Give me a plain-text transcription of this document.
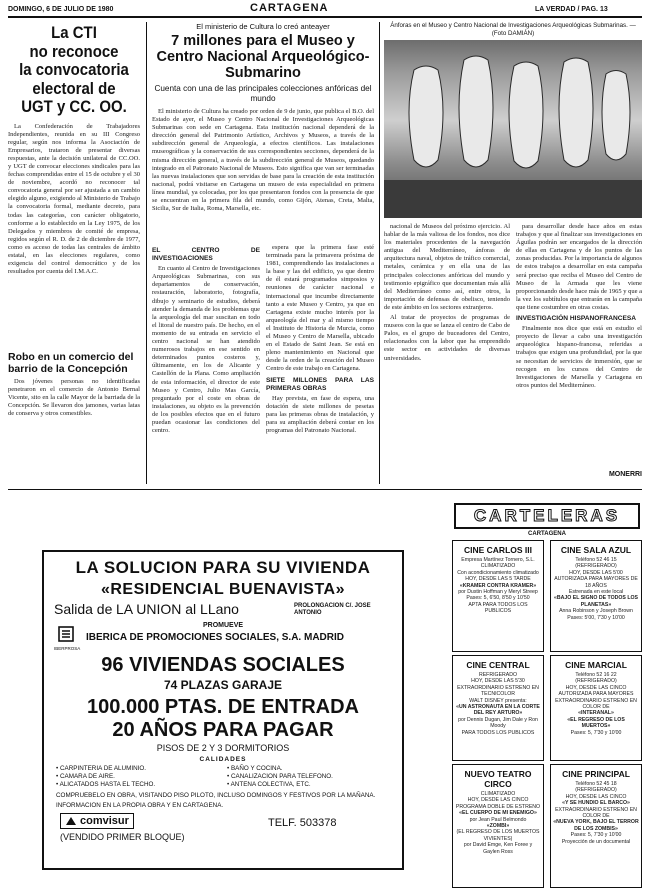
DOMINGO, 6 DE JULIO DE 1980	CARTAGENA	LA VERDAD / PAG. 13
La CTI
no reconoce
la convocatoria
electoral de
UGT y CC. OO.

La Confederación de Trabajadores Independientes, reunida en su III Congreso regular, según nos informa la Asociación de Empresarios, trataron de presentar diversas respuestas, ante la decisión unilateral de CC.OO. y UGT de convocar elecciones sindicales para las fechas comprendidas entre el 15 de octubre y el 30 de noviembre, acordó no reconocer tal convocatoria general por ser ajustada a un cambio elegido alguno, exigiendo al Ministerio de Trabajo la convocatoria formal, mediante decreto, para todas las categorías, con carácter obligatorio, conforme a lo establecido en la Ley 1975, de los Delegados y miembros de comité de empresa, regidos según el R. D. de 2 de diciembre de 1977, como es acceso de todas las centrales de ámbito estatal, en las elecciones regulares, como exigencia del control democrático y de los resultados por cuenta del I.M.A.C.

Robo en un comercio del barrio de la Concepción

Dos jóvenes personas no identificadas penetraron en el comercio de Antonio Bernal Vicente, sito en la calle Mayor de la barriada de la Concepción. Se llevaron dos jamones, varias latas de conserva y otros comestibles.

El ministerio de Cultura lo creó anteayer
7 millones para el Museo y Centro Nacional Arqueológico-Submarino
Cuenta con una de las principales colecciones anfóricas del mundo

El ministerio de Cultura ha creado por orden de 9 de junio, que publica el B.O. del Estado de ayer, el Museo y Centro Nacional de Investigaciones Arqueológicas Submarinas con sede en Cartagena. Esta institución nacional dependerá de la dirección general del Patrimonio Artístico, Archivos y Museos, a través de la subdirección general de Arqueología, a efectos científicos. Las instalaciones museográficas y la conservación de sus correspondientes secciones, dependerá de la misma dirección general, a través de la subdirección general de Museos, quedando integrado en el Patronato Nacional de Museos. Esto significa que van ser terminadas las nuevas instalaciones que son servidas de base para la creación de esta institución nacional, podrá visitarse en Cartagena un museo de esta especialidad en primera línea mundial, ya colocadas, por los que presentaron fondos con la presencia de que se encuentran en la primera fila del mundo, como Gijón, Atenas, Creta, Malta, Sicilia, Sur de Italia, Roma, Marsella, etc.

EL CENTRO DE INVESTIGACIONES

En cuanto al Centro de Investigaciones Arqueológicas Submarinas, con sus departamentos de conservación, restauración, laboratorio, fotografía, dibujo y seminario de estudios, deberá atender la demanda de los problemas que la arqueología del mar suscitan en todo el litoral de nuestro país. De hecho, en el momento de su entrada en servicio el centro nacional se han atendido numerosos trabajos en ese sentido en determinados puntos costeros y, últimamente, en los de Alicante y Castellón de la Plana. Como ampliación de esta información, el director de este Museo y Centro, Julio Mas García, preguntado por el coste en obras de instalaciones, su objeto es la prevención de los posibles efectos que en el futuro puedan ocasionar las condiciones del centro.

espera que la primera fase esté terminada para la primavera próxima de 1981, comprendiendo las instalaciones a la base y las del edificio, ya que dentro de él estará programados simposios y reuniones de carácter nacional e internacional que incumbe directamente tanto a este Museo y Centro, ya que en Cartagena existe mucho interés por la arqueología del mar y al mismo tiempo el Instituto de Historia de Murcia, como el Museo y Centro de Marsella, ubicado en el Estado de Saint Jean. Se está en pleno mantenimiento en Nacional que desde la orden de la creación del Museo Centro de este trabajo en Cartagena.

SIETE MILLONES PARA LAS PRIMERAS OBRAS

Hay prevista, en fase de espera, una dotación de siete millones de pesetas para las primeras obras de instalación, y para su ampliación deberá contar en los programas del Patronato Nacional.

Ánforas en el Museo y Centro Nacional de Investigaciones Arqueológicas Submarinas. — (Foto DAMIÁN)

nacional de Museos del próximo ejercicio. Al hablar de la más valiosa de los fondos, nos dice los materiales procedentes de la navegación antigua del Mediterráneo, ánforas de arquitectura naval, objetos de tráfico comercial, metales, cerámica y en ella una de las principales colecciones anfóricas del mundo y testimonio epigráfico que documentan más allá del Mediterráneo como así, entre otros, la importación de defensas de obelisco, teniendo de este ámbito en los sectores extranjeros.

Al tratar de proyectos de programas de museos con la que se lanza el centro de Cabo de Palos, es el grupo de buceadores del Centro, relacionados con la labor que ha emprendido este sector en actividades de diversas universidades.

para desarrollar desde hace años en estas trabajos y que al finalizar sus investigaciones en Águilas podrán ser encargados de la dirección de ellas en Cartagena y de los puntos de las zonas producidas. Por la importancia de algunos de estos trabajos a desarrollar en esta campaña será preciso que reciba el Museo del Centro de Museo de la Armada que les viene proporcionando desde hace más de 1965 y que a la vez los subtítulos que entrarán en la campaña que tiene costumbre en otras costas.

INVESTIGACIÓN HISPANOFRANCESA

Finalmente nos dice que está en estudio el proyecto de llevar a cabo una investigación arqueológica hispano-francesa, referidas a trabajos que exigen una profundidad, por la que se necesitan de servicios de inmersión, que se recogen en los cursos del Centro de Investigaciones de Marsella y Cartagena en otros puntos del Mediterráneo.

MONERRI
LA SOLUCION PARA SU VIVIENDA
«RESIDENCIAL BUENAVISTA»
Salida de LA UNION al LLano	PROLONGACION C/. JOSE ANTONIO
PROMUEVE
IBERPROSA
IBERICA DE PROMOCIONES SOCIALES, S.A. MADRID
96 VIVIENDAS SOCIALES
74 PLAZAS GARAJE
100.000 PTAS. DE ENTRADA
20 AÑOS PARA PAGAR
PISOS DE 2 Y 3 DORMITORIOS
CALIDADES
• CARPINTERIA DE ALUMINIO.	• BAÑO Y COCINA.
• CAMARA DE AIRE.	• CANALIZACION PARA TELEFONO.
• ALICATADOS HASTA EL TECHO.	• ANTENA COLECTIVA, ETC.
COMPRUEBELO EN OBRA, VISITANDO PISO PILOTO, INCLUSO DOMINGOS Y FESTIVOS POR LA MAÑANA.
INFORMACION EN LA PROPIA OBRA Y EN CARTAGENA.
comvisur	TELF. 503378
(VENDIDO PRIMER BLOQUE)
CARTELERAS
CARTAGENA
CINE CARLOS III
Empresa Martínez Tornero, S.L.
CLIMATIZADO
Con acondicionamiento climatizado
HOY, DESDE LAS 5 TARDE
«KRAMER CONTRA KRAMER»
por Dustin Hoffman y Meryl Streep
Pases: 5, 6'50, 8'50 y 10'50
APTA PARA TODOS LOS PUBLICOS
CINE CENTRAL
REFRIGERADO
HOY, DESDE LAS 5'30
EXTRAORDINARIO ESTRENO EN TECNICOLOR
WALT DISNEY presenta:
«UN ASTRONAUTA EN LA CORTE DEL REY ARTURO»
por Dennis Dugan, Jim Dale y Ron Moody
PARA TODOS LOS PUBLICOS
NUEVO TEATRO CIRCO
CLIMATIZADO
HOY, DESDE LAS CINCO
PROGRAMA DOBLE DE ESTRENO
«EL CUERPO DE MI ENEMIGO»
por Jean Paul Belmondo
«ZOMBI»
(EL REGRESO DE LOS MUERTOS VIVIENTES)
por David Emge, Ken Foree y Gaylen Ross
CINE SALA AZUL
Teléfono 52 46 15
(REFRIGERADO)
HOY, DESDE LAS 5'00
AUTORIZADA PARA MAYORES DE 18 AÑOS
Estrenada en este local
«BAJO EL SIGNO DE TODOS LOS PLANETAS»
Anna Robinson y Joseph Brown
Pases: 5'00, 7'30 y 10'00
CINE MARCIAL
Teléfono 52 16 22
(REFRIGERADO)
HOY, DESDE LAS CINCO
AUTORIZADA PARA MAYORES
EXTRAORDINARIO ESTRENO EN COLOR DE
«INTERANAL»
«EL REGRESO DE LOS MUERTOS»
Pases: 5, 7'30 y 10'00
CINE PRINCIPAL
Teléfono 52 45 18
(REFRIGERADO)
HOY, DESDE LAS CINCO
«Y SE HUNDIO EL BARCO»
EXTRAORDINARIO ESTRENO EN COLOR DE
«NUEVA YORK, BAJO EL TERROR DE LOS ZOMBIS»
Pases: 5, 7'30 y 10'00
Proyección de un documental
